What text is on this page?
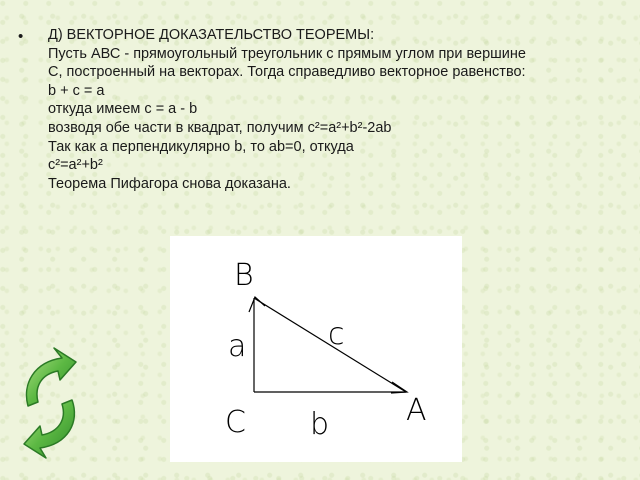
• Д) ВЕКТОРНОЕ ДОКАЗАТЕЛЬСТВО ТЕОРЕМЫ:
Пусть АВС - прямоугольный треугольник с прямым углом при вершине
С, построенный на векторах. Тогда справедливо векторное равенство:
b + c = a
откуда имеем c = a - b
возводя обе части в квадрат, получим c²=a²+b²-2ab
Так как a перпендикулярно b, то ab=0, откуда
c²=a²+b²
Теорема Пифагора снова доказана.
B
A
C
a
b
c
